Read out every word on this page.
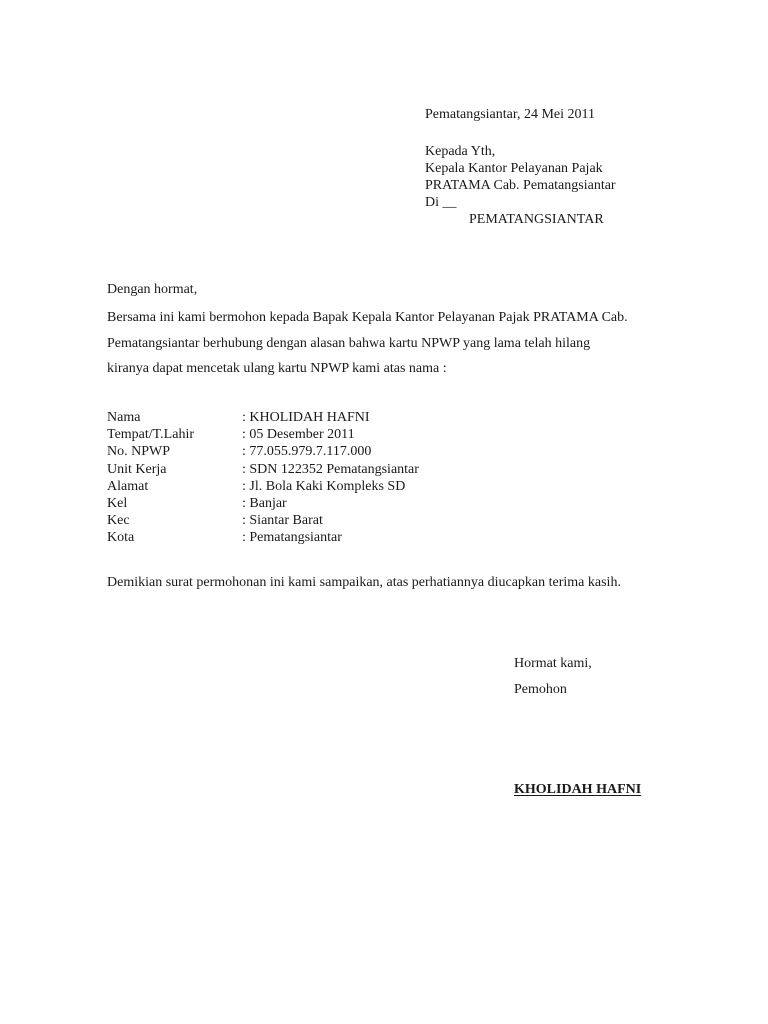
Pematangsiantar, 24 Mei 2011
Kepada Yth,
Kepala Kantor Pelayanan Pajak
PRATAMA Cab. Pematangsiantar
Di __
PEMATANGSIANTAR
Dengan hormat,
Bersama ini kami bermohon kepada Bapak Kepala Kantor Pelayanan Pajak PRATAMA Cab.
Pematangsiantar berhubung dengan alasan bahwa kartu NPWP yang lama telah hilang
kiranya dapat mencetak ulang kartu NPWP kami atas nama :
Nama	: KHOLIDAH HAFNI
Tempat/T.Lahir	: 05 Desember 2011
No. NPWP	: 77.055.979.7.117.000
Unit Kerja	: SDN 122352 Pematangsiantar
Alamat	: Jl. Bola Kaki Kompleks SD
Kel	: Banjar
Kec	: Siantar Barat
Kota	: Pematangsiantar
Demikian surat permohonan ini kami sampaikan, atas perhatiannya diucapkan terima kasih.
Hormat kami,
Pemohon
KHOLIDAH HAFNI
